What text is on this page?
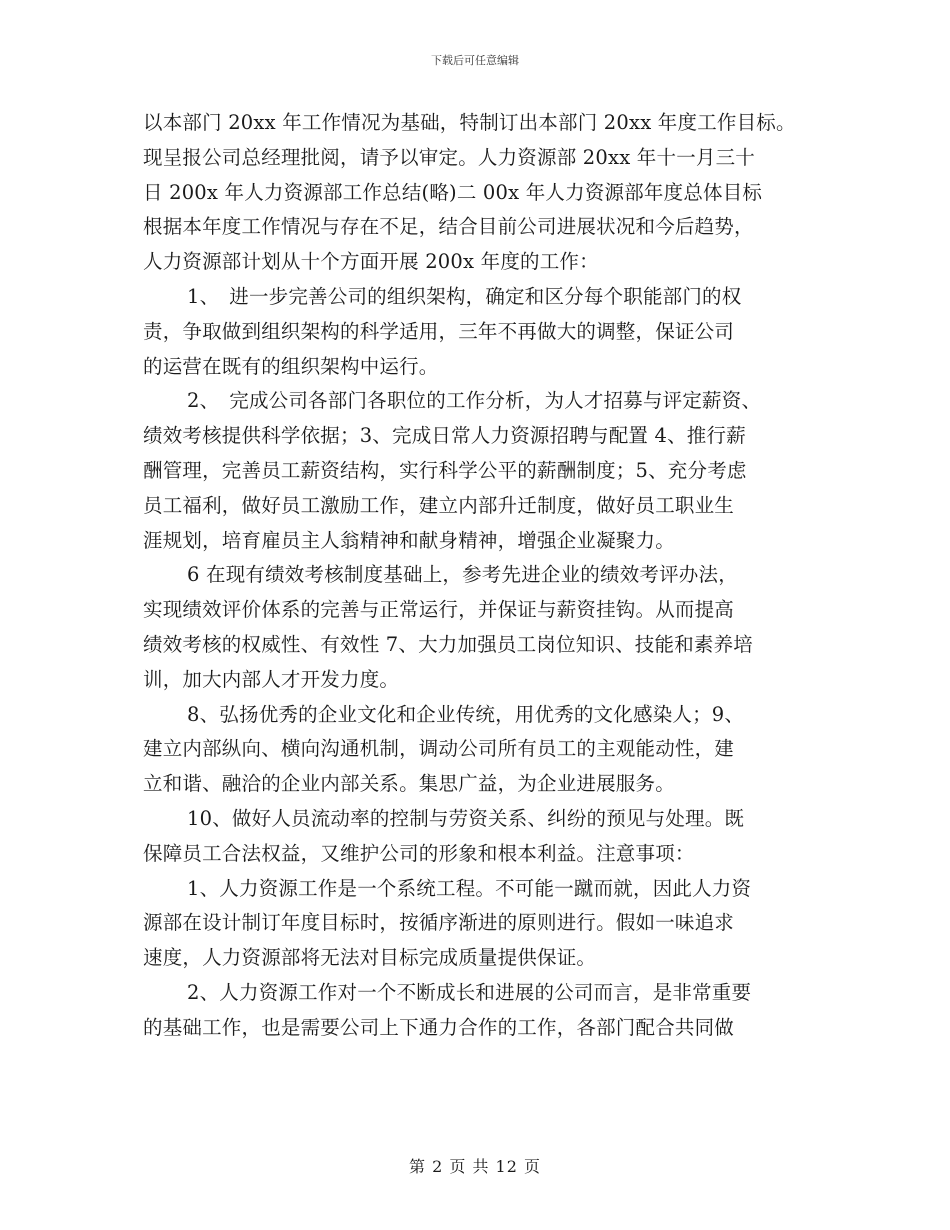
下载后可任意编辑
以本部门 20xx 年工作情况为基础，特制订出本部门 20xx 年度工作目标。
现呈报公司总经理批阅，请予以审定。人力资源部 20xx 年十一月三十
日 200x 年人力资源部工作总结(略)二 00x 年人力资源部年度总体目标
根据本年度工作情况与存在不足，结合目前公司进展状况和今后趋势，
人力资源部计划从十个方面开展 200x 年度的工作：
1、　进一步完善公司的组织架构，确定和区分每个职能部门的权
责，争取做到组织架构的科学适用，三年不再做大的调整，保证公司
的运营在既有的组织架构中运行。
2、　完成公司各部门各职位的工作分析，为人才招募与评定薪资、
绩效考核提供科学依据；3、完成日常人力资源招聘与配置 4、推行薪
酬管理，完善员工薪资结构，实行科学公平的薪酬制度；5、充分考虑
员工福利，做好员工激励工作，建立内部升迁制度，做好员工职业生
涯规划，培育雇员主人翁精神和献身精神，增强企业凝聚力。
6 在现有绩效考核制度基础上，参考先进企业的绩效考评办法，
实现绩效评价体系的完善与正常运行，并保证与薪资挂钩。从而提高
绩效考核的权威性、有效性 7、大力加强员工岗位知识、技能和素养培
训，加大内部人才开发力度。
8、弘扬优秀的企业文化和企业传统，用优秀的文化感染人；9、
建立内部纵向、横向沟通机制，调动公司所有员工的主观能动性，建
立和谐、融洽的企业内部关系。集思广益，为企业进展服务。
10、做好人员流动率的控制与劳资关系、纠纷的预见与处理。既
保障员工合法权益，又维护公司的形象和根本利益。注意事项：
1、人力资源工作是一个系统工程。不可能一蹴而就，因此人力资
源部在设计制订年度目标时，按循序渐进的原则进行。假如一味追求
速度，人力资源部将无法对目标完成质量提供保证。
2、人力资源工作对一个不断成长和进展的公司而言，是非常重要
的基础工作，也是需要公司上下通力合作的工作，各部门配合共同做
第 2 页 共 12 页
